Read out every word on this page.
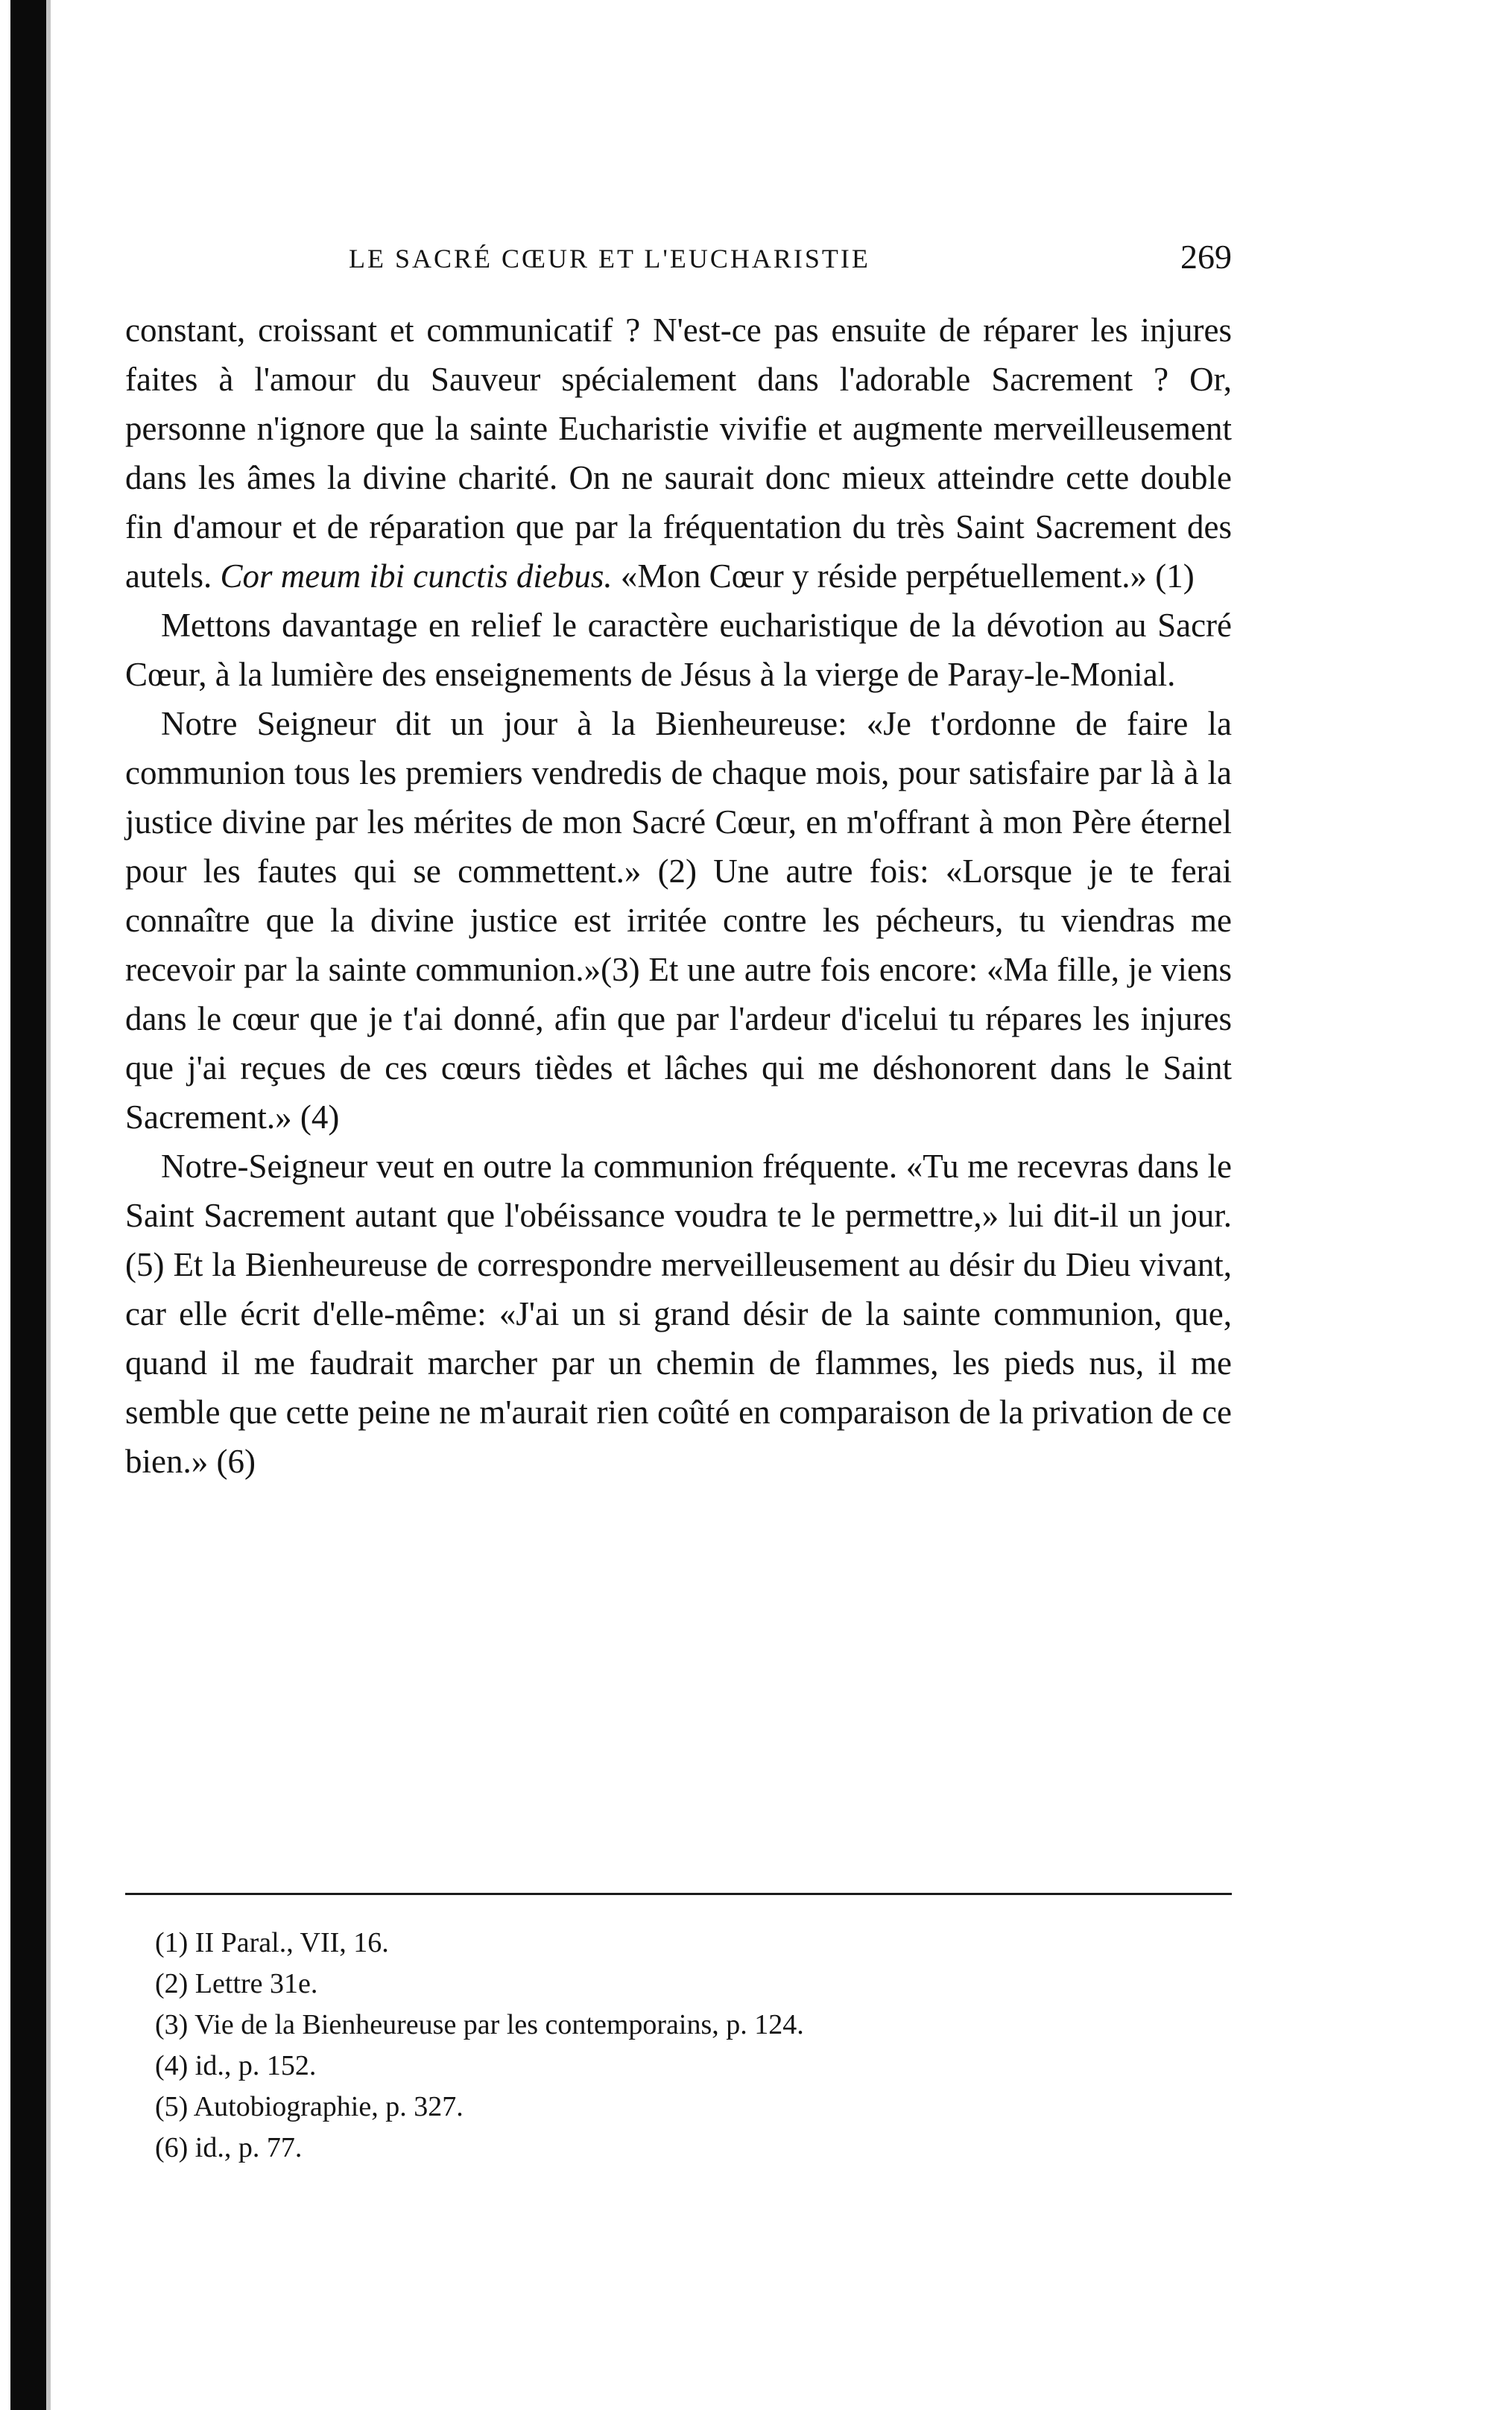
LE SACRÉ CŒUR ET L'EUCHARISTIE	269

constant, croissant et communicatif ? N'est-ce pas ensuite de réparer les injures faites à l'amour du Sauveur spécialement dans l'adorable Sacrement ? Or, personne n'ignore que la sainte Eucharistie vivifie et augmente merveilleusement dans les âmes la divine charité. On ne saurait donc mieux atteindre cette double fin d'amour et de réparation que par la fréquentation du très Saint Sacrement des autels. Cor meum ibi cunctis diebus. «Mon Cœur y réside perpétuellement.» (1)

Mettons davantage en relief le caractère eucharistique de la dévotion au Sacré Cœur, à la lumière des enseignements de Jésus à la vierge de Paray-le-Monial.

Notre Seigneur dit un jour à la Bienheureuse: «Je t'ordonne de faire la communion tous les premiers vendredis de chaque mois, pour satisfaire par là à la justice divine par les mérites de mon Sacré Cœur, en m'offrant à mon Père éternel pour les fautes qui se commettent.» (2) Une autre fois: «Lorsque je te ferai connaître que la divine justice est irritée contre les pécheurs, tu viendras me recevoir par la sainte communion.»(3) Et une autre fois encore: «Ma fille, je viens dans le cœur que je t'ai donné, afin que par l'ardeur d'icelui tu répares les injures que j'ai reçues de ces cœurs tièdes et lâches qui me déshonorent dans le Saint Sacrement.» (4)

Notre-Seigneur veut en outre la communion fréquente. «Tu me recevras dans le Saint Sacrement autant que l'obéissance voudra te le permettre,» lui dit-il un jour.(5) Et la Bienheureuse de correspondre merveilleusement au désir du Dieu vivant, car elle écrit d'elle-même: «J'ai un si grand désir de la sainte communion, que, quand il me faudrait marcher par un chemin de flammes, les pieds nus, il me semble que cette peine ne m'aurait rien coûté en comparaison de la privation de ce bien.» (6)

(1) II Paral., VII, 16.
(2) Lettre 31e.
(3) Vie de la Bienheureuse par les contemporains, p. 124.
(4) id., p. 152.
(5) Autobiographie, p. 327.
(6) id., p. 77.
